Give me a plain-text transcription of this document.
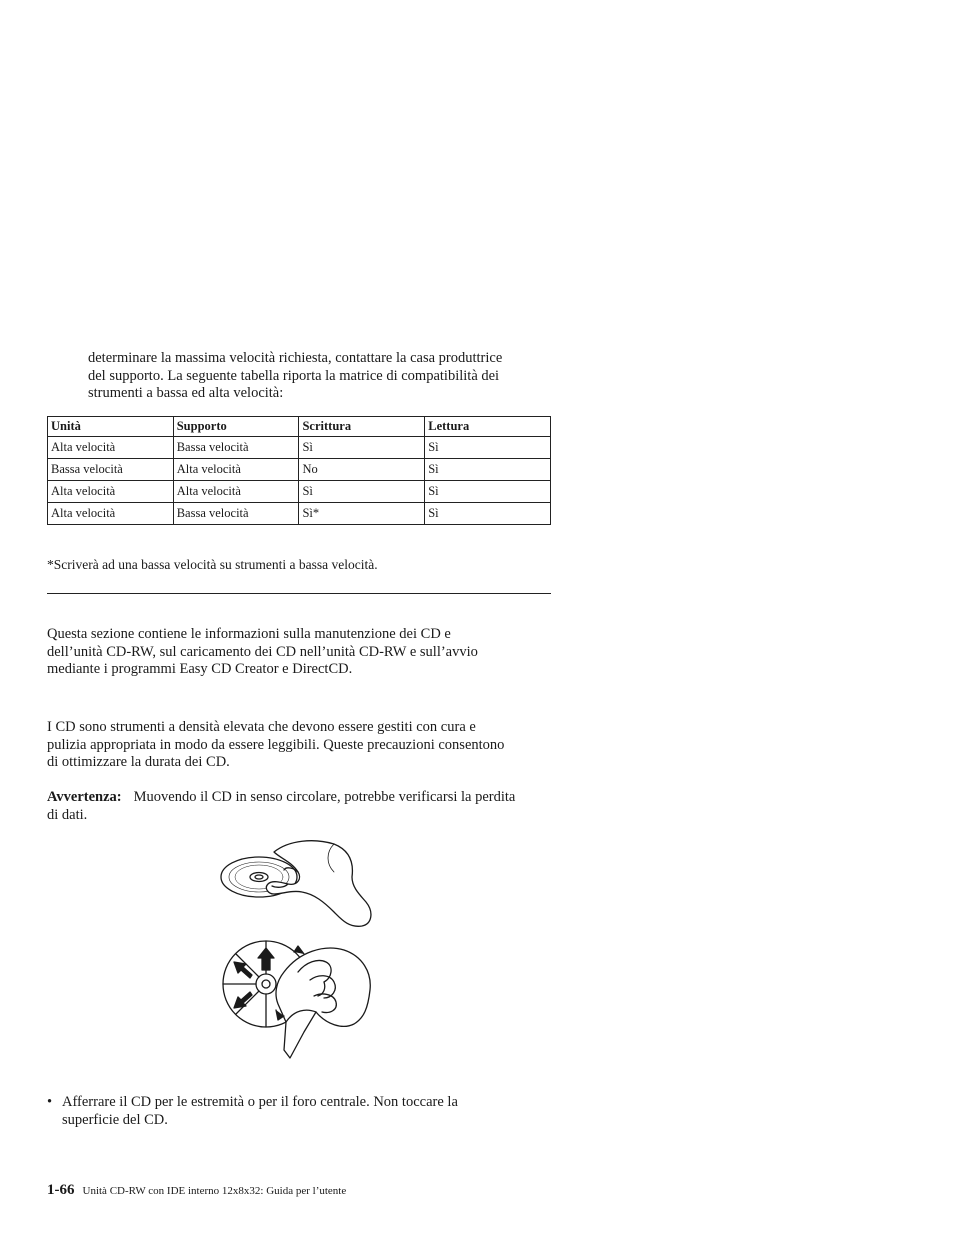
determinare la massima velocità richiesta, contattare la casa produttrice
del supporto. La seguente tabella riporta la matrice di compatibilità dei
strumenti a bassa ed alta velocità:

Unità	Supporto	Scrittura	Lettura
Alta velocità	Bassa velocità	Sì	Sì
Bassa velocità	Alta velocità	No	Sì
Alta velocità	Alta velocità	Sì	Sì
Alta velocità	Bassa velocità	Sì*	Sì

*Scriverà ad una bassa velocità su strumenti a bassa velocità.

Questa sezione contiene le informazioni sulla manutenzione dei CD e
dell’unità CD-RW, sul caricamento dei CD nell’unità CD-RW e sull’avvio
mediante i programmi Easy CD Creator e DirectCD.

I CD sono strumenti a densità elevata che devono essere gestiti con cura e
pulizia appropriata in modo da essere leggibili. Queste precauzioni consentono
di ottimizzare la durata dei CD.

Avvertenza: Muovendo il CD in senso circolare, potrebbe verificarsi la perdita
di dati.

• Afferrare il CD per le estremità o per il foro centrale. Non toccare la
superficie del CD.

1-66 Unità CD-RW con IDE interno 12x8x32: Guida per l’utente
